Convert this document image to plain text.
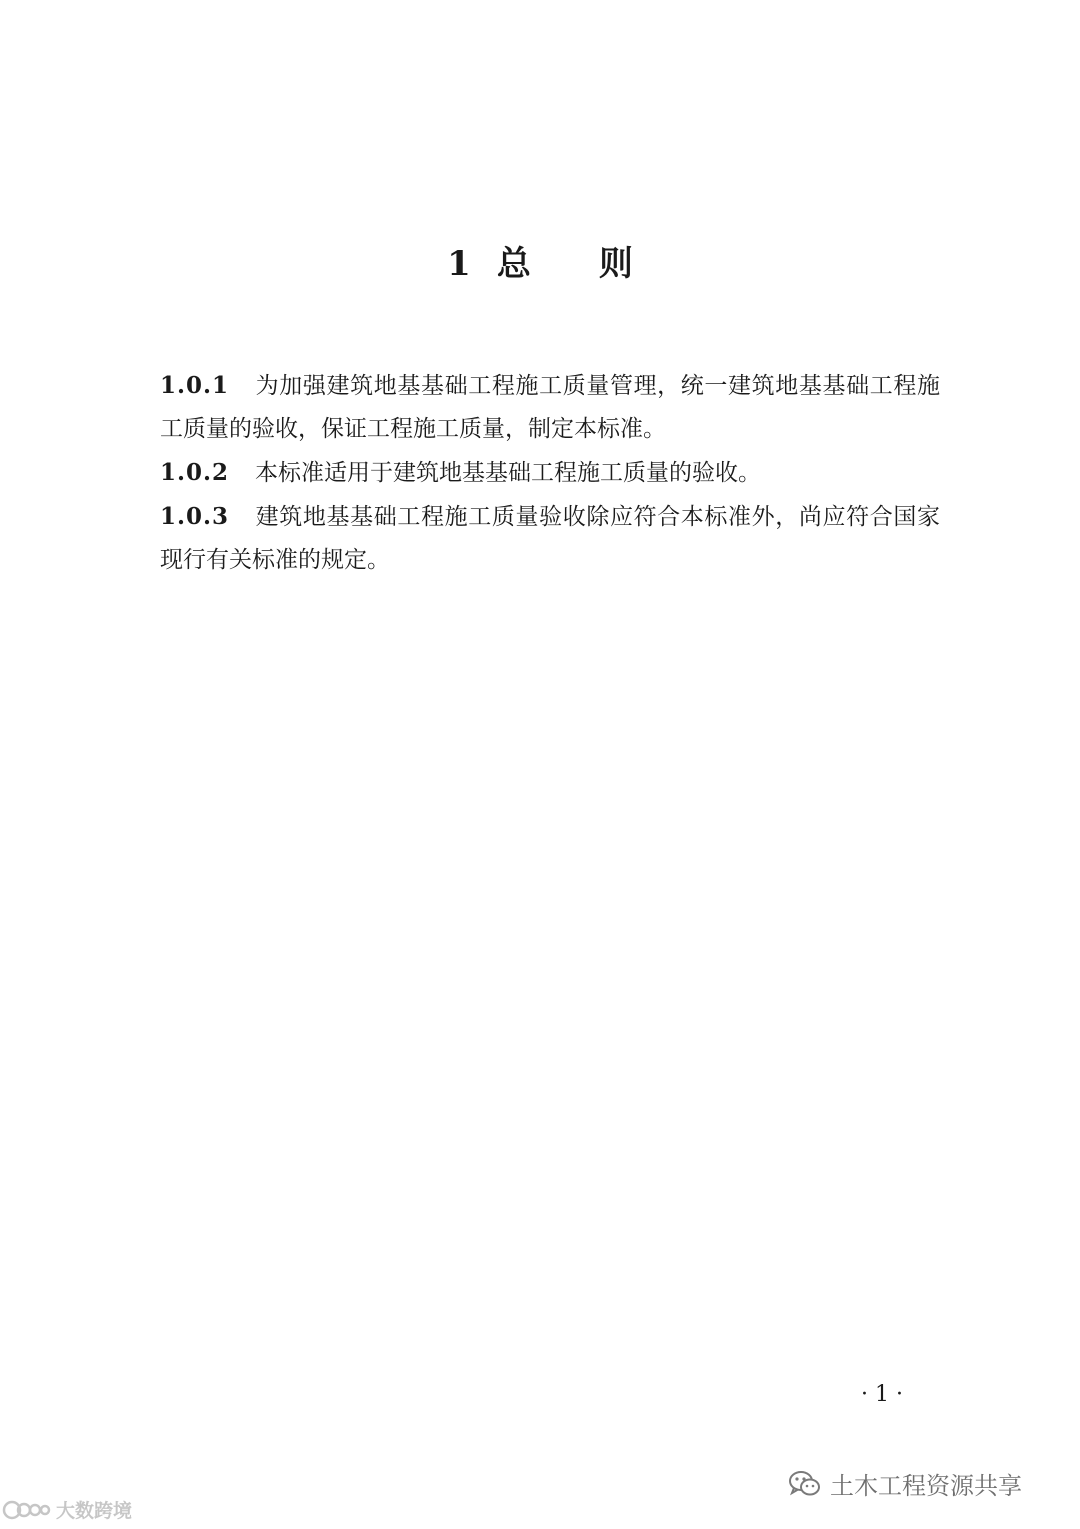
1 总则

1.0.1 为加强建筑地基基础工程施工质量管理，统一建筑地基基础工程施工质量的验收，保证工程施工质量，制定本标准。

1.0.2 本标准适用于建筑地基基础工程施工质量的验收。

1.0.3 建筑地基基础工程施工质量验收除应符合本标准外，尚应符合国家现行有关标准的规定。

· 1 ·
土木工程资源共享
大数跨境
